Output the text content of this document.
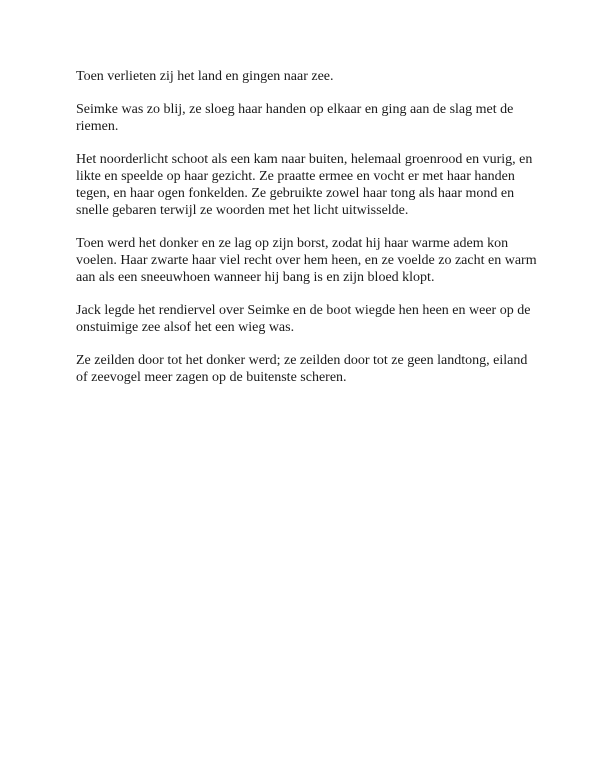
Toen verlieten zij het land en gingen naar zee.

Seimke was zo blij, ze sloeg haar handen op elkaar en ging aan de slag met de riemen.

Het noorderlicht schoot als een kam naar buiten, helemaal groenrood en vurig, en likte en speelde op haar gezicht. Ze praatte ermee en vocht er met haar handen tegen, en haar ogen fonkelden. Ze gebruikte zowel haar tong als haar mond en snelle gebaren terwijl ze woorden met het licht uitwisselde.

Toen werd het donker en ze lag op zijn borst, zodat hij haar warme adem kon voelen. Haar zwarte haar viel recht over hem heen, en ze voelde zo zacht en warm aan als een sneeuwhoen wanneer hij bang is en zijn bloed klopt.

Jack legde het rendiervel over Seimke en de boot wiegde hen heen en weer op de onstuimige zee alsof het een wieg was.

Ze zeilden door tot het donker werd; ze zeilden door tot ze geen landtong, eiland of zeevogel meer zagen op de buitenste scheren.
